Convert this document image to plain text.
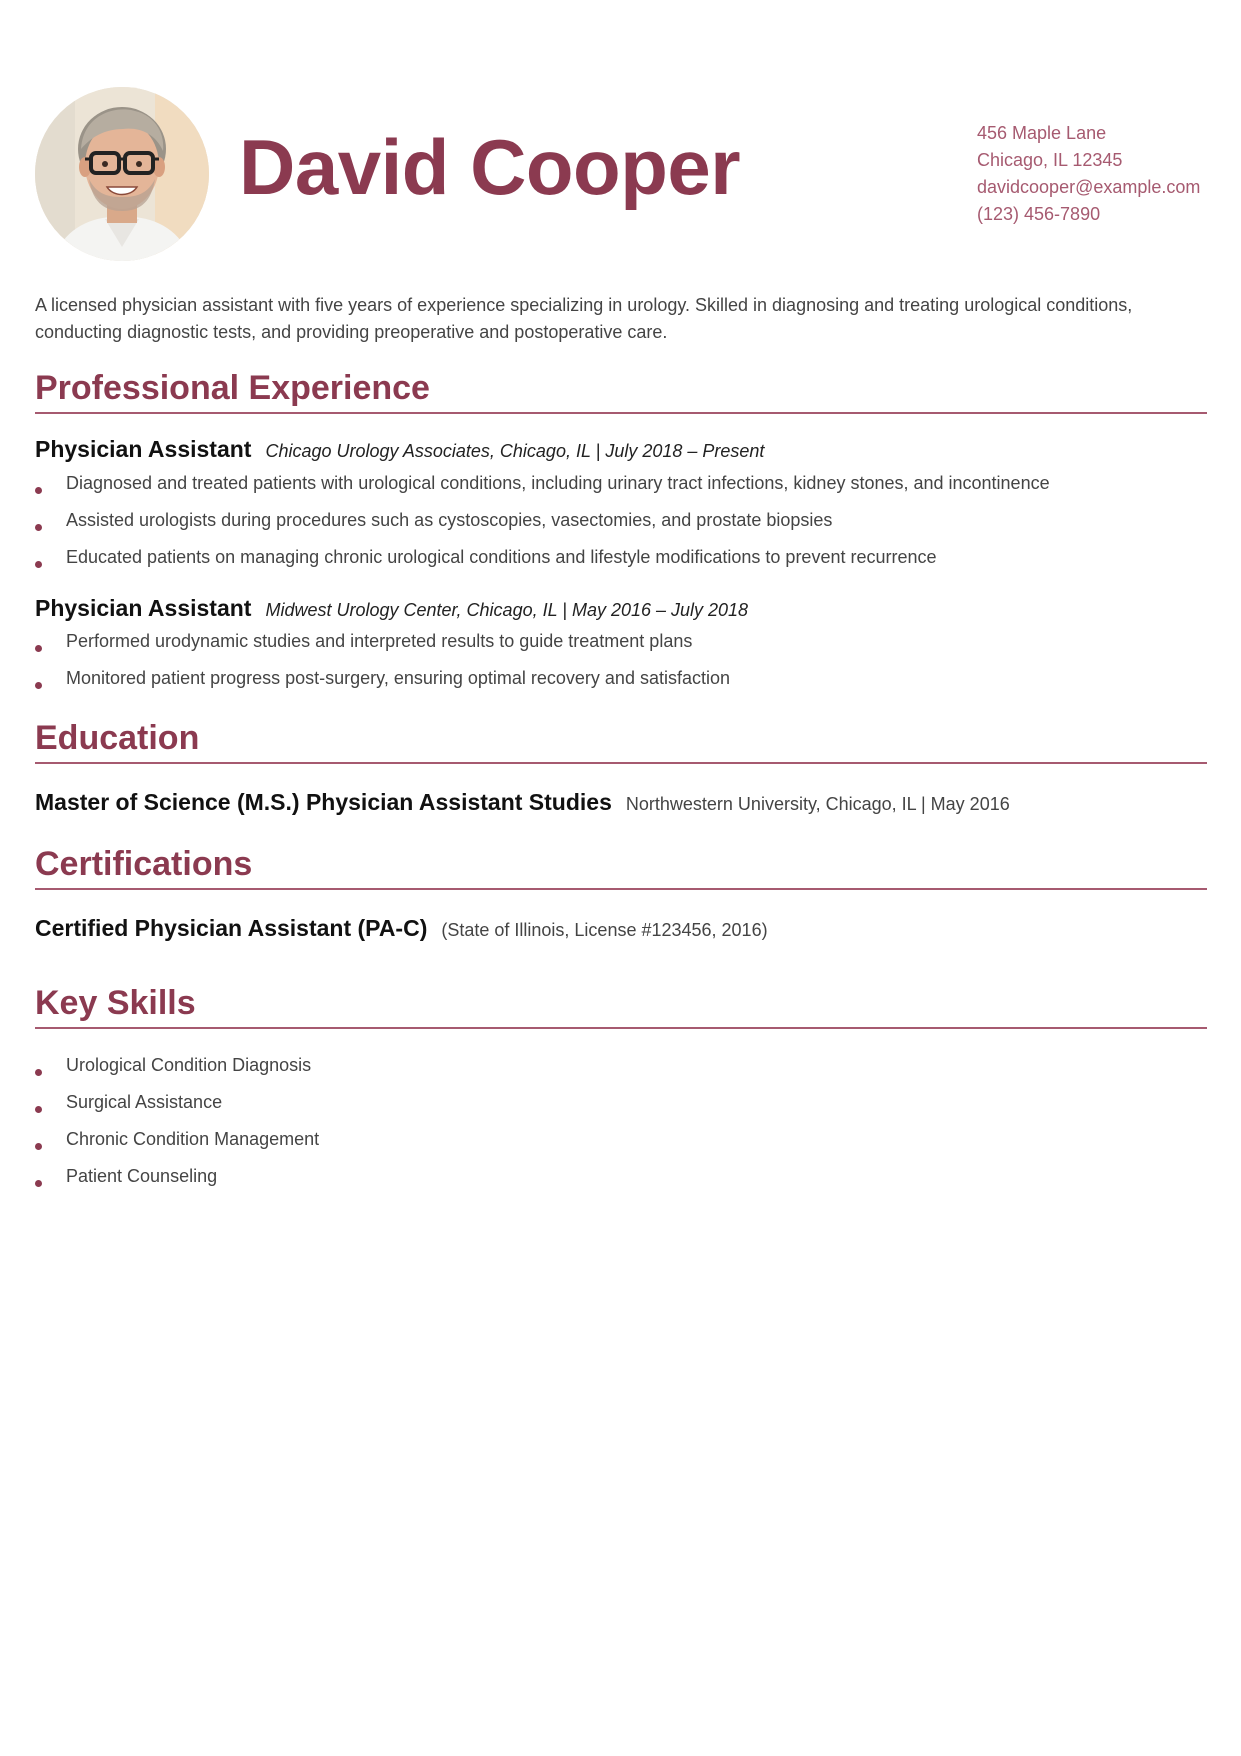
David Cooper	456 Maple Lane
Chicago, IL 12345
davidcooper@example.com
(123) 456-7890

A licensed physician assistant with five years of experience specializing in urology. Skilled in diagnosing and treating urological conditions, conducting diagnostic tests, and providing preoperative and postoperative care.

Professional Experience
Physician Assistant Chicago Urology Associates, Chicago, IL | July 2018 – Present
Diagnosed and treated patients with urological conditions, including urinary tract infections, kidney stones, and incontinence
Assisted urologists during procedures such as cystoscopies, vasectomies, and prostate biopsies
Educated patients on managing chronic urological conditions and lifestyle modifications to prevent recurrence
Physician Assistant Midwest Urology Center, Chicago, IL | May 2016 – July 2018
Performed urodynamic studies and interpreted results to guide treatment plans
Monitored patient progress post-surgery, ensuring optimal recovery and satisfaction
Education
Master of Science (M.S.) Physician Assistant Studies Northwestern University, Chicago, IL | May 2016
Certifications
Certified Physician Assistant (PA-C) (State of Illinois, License #123456, 2016)
Key Skills
Urological Condition Diagnosis
Surgical Assistance
Chronic Condition Management
Patient Counseling
